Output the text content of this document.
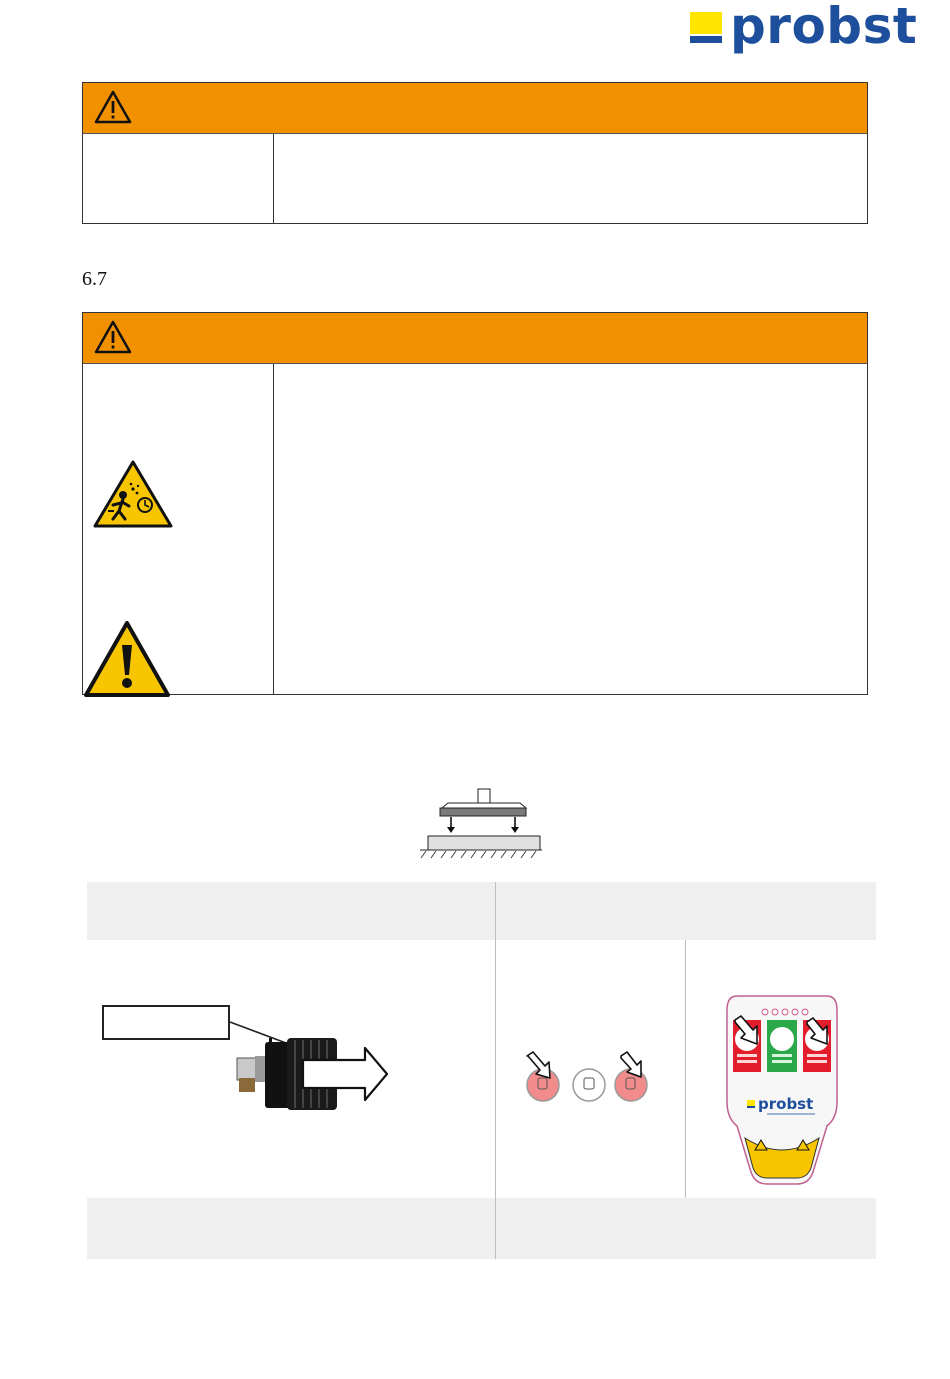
probst
6.7
probst
